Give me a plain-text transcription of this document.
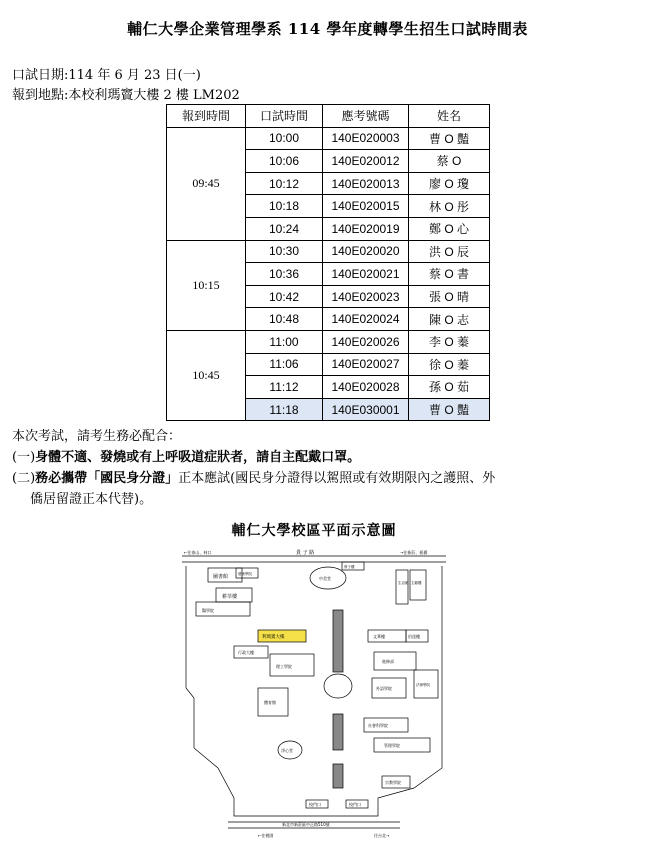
輔仁大學企業管理學系 114 學年度轉學生招生口試時間表
口試日期:114 年 6 月 23 日(一)
報到地點:本校利瑪竇大樓 2 樓 LM202
報到時間	口試時間	應考號碼	姓名
09:45	10:00	140E020003	曹 O 豔
	10:06	140E020012	蔡 O
	10:12	140E020013	廖 O 瓊
	10:18	140E020015	林 O 彤
	10:24	140E020019	鄭 O 心
10:15	10:30	140E020020	洪 O 辰
	10:36	140E020021	蔡 O 書
	10:42	140E020023	張 O 晴
	10:48	140E020024	陳 O 志
10:45	11:00	140E020026	李 O 蓁
	11:06	140E020027	徐 O 蓁
	11:12	140E020028	孫 O 茹
	11:18	140E030001	曹 O 豔
本次考試，請考生務必配合：
(一)身體不適、發燒或有上呼吸道症狀者，請自主配戴口罩。
(二)務必攜帶「國民身分證」正本應試(國民身分證得以駕照或有效期限內之護照、外
僑居留證正本代替)。
輔仁大學校區平面示意圖
貴 子 路
←往泰山、林口	→往新莊、板橋
新北市新莊區中正路510號
←往桃園	往台北→
校門口	校門口
圖書館
耕莘樓
醫學院
藝術學院
中美堂
貴子樓
生活館 主顧樓
利瑪竇大樓	文華樓	伯達樓
進修部
外語學院
法律學院
社會科學院
管理學院
宗教學院
行政大樓
理工學院
體育館
淨心堂
